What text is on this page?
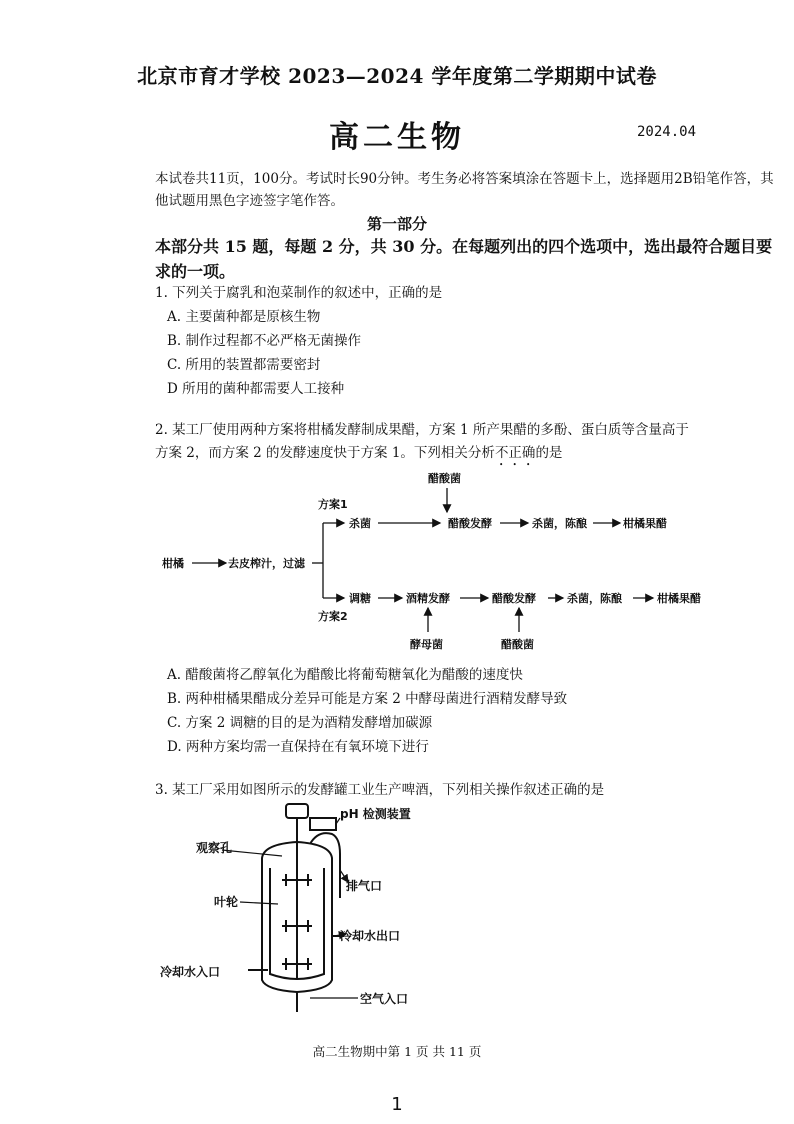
北京市育才学校 2023—2024 学年度第二学期期中试卷
高二生物	2024.04
本试卷共11页，100分。考试时长90分钟。考生务必将答案填涂在答题卡上，选择题用2B铅笔作答，其他试题用黑色字迹签字笔作答。
第一部分
本部分共 15 题，每题 2 分，共 30 分。在每题列出的四个选项中，选出最符合题目要求的一项。
1. 下列关于腐乳和泡菜制作的叙述中，正确的是
A. 主要菌种都是原核生物
B. 制作过程都不必严格无菌操作
C. 所用的装置都需要密封
D 所用的菌种都需要人工接种
2. 某工厂使用两种方案将柑橘发酵制成果醋，方案 1 所产果醋的多酚、蛋白质等含量高于
方案 2，而方案 2 的发酵速度快于方案 1。下列相关分析不正确的是
柑橘	去皮榨汁，过滤
方案1
方案2
醋酸菌
杀菌	醋酸发酵	杀菌，陈酿	柑橘果醋
调糖	酒精发酵	醋酸发酵	杀菌，陈酿	柑橘果醋
酵母菌	醋酸菌
A. 醋酸菌将乙醇氧化为醋酸比将葡萄糖氧化为醋酸的速度快
B. 两种柑橘果醋成分差异可能是方案 2 中酵母菌进行酒精发酵导致
C. 方案 2 调糖的目的是为酒精发酵增加碳源
D. 两种方案均需一直保持在有氧环境下进行
3. 某工厂采用如图所示的发酵罐工业生产啤酒，下列相关操作叙述正确的是
pH 检测装置
观察孔
排气口
叶轮
冷却水出口
冷却水入口
空气入口
高二生物期中第 1 页 共 11 页
1
